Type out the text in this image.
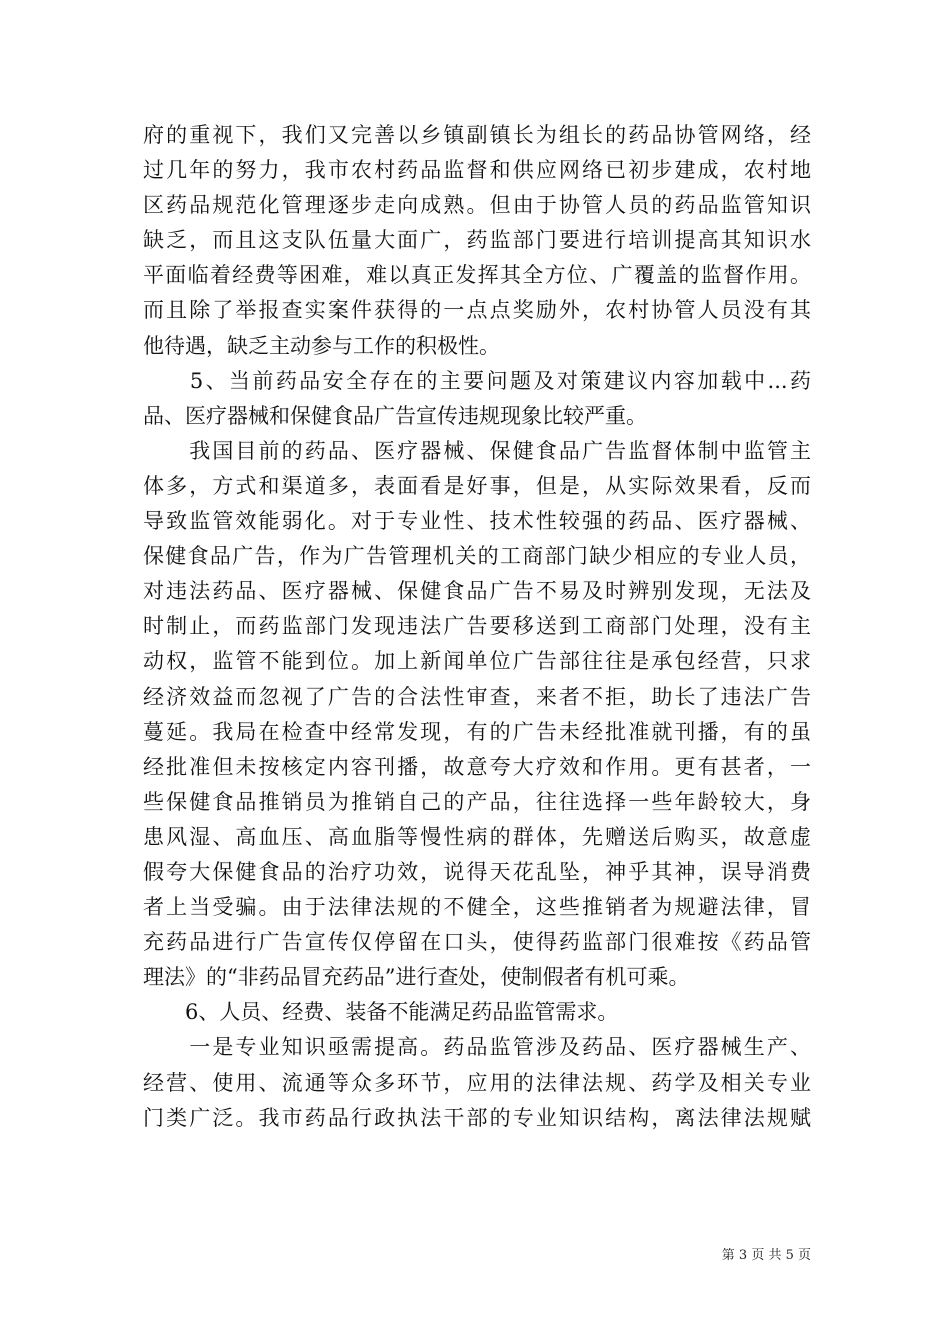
府的重视下，我们又完善以乡镇副镇长为组长的药品协管网络，经
过几年的努力，我市农村药品监督和供应网络已初步建成，农村地
区药品规范化管理逐步走向成熟。但由于协管人员的药品监管知识
缺乏，而且这支队伍量大面广，药监部门要进行培训提高其知识水
平面临着经费等困难，难以真正发挥其全方位、广覆盖的监督作用。
而且除了举报查实案件获得的一点点奖励外，农村协管人员没有其
他待遇，缺乏主动参与工作的积极性。
　　5、当前药品安全存在的主要问题及对策建议内容加载中...药
品、医疗器械和保健食品广告宣传违规现象比较严重。
　　我国目前的药品、医疗器械、保健食品广告监督体制中监管主
体多，方式和渠道多，表面看是好事，但是，从实际效果看，反而
导致监管效能弱化。对于专业性、技术性较强的药品、医疗器械、
保健食品广告，作为广告管理机关的工商部门缺少相应的专业人员，
对违法药品、医疗器械、保健食品广告不易及时辨别发现，无法及
时制止，而药监部门发现违法广告要移送到工商部门处理，没有主
动权，监管不能到位。加上新闻单位广告部往往是承包经营，只求
经济效益而忽视了广告的合法性审查，来者不拒，助长了违法广告
蔓延。我局在检查中经常发现，有的广告未经批准就刊播，有的虽
经批准但未按核定内容刊播，故意夸大疗效和作用。更有甚者，一
些保健食品推销员为推销自己的产品，往往选择一些年龄较大，身
患风湿、高血压、高血脂等慢性病的群体，先赠送后购买，故意虚
假夸大保健食品的治疗功效，说得天花乱坠，神乎其神，误导消费
者上当受骗。由于法律法规的不健全，这些推销者为规避法律，冒
充药品进行广告宣传仅停留在口头，使得药监部门很难按《药品管
理法》的“非药品冒充药品”进行查处，使制假者有机可乘。
　　6、人员、经费、装备不能满足药品监管需求。
　　一是专业知识亟需提高。药品监管涉及药品、医疗器械生产、
经营、使用、流通等众多环节，应用的法律法规、药学及相关专业
门类广泛。我市药品行政执法干部的专业知识结构，离法律法规赋
第 3 页 共 5 页
